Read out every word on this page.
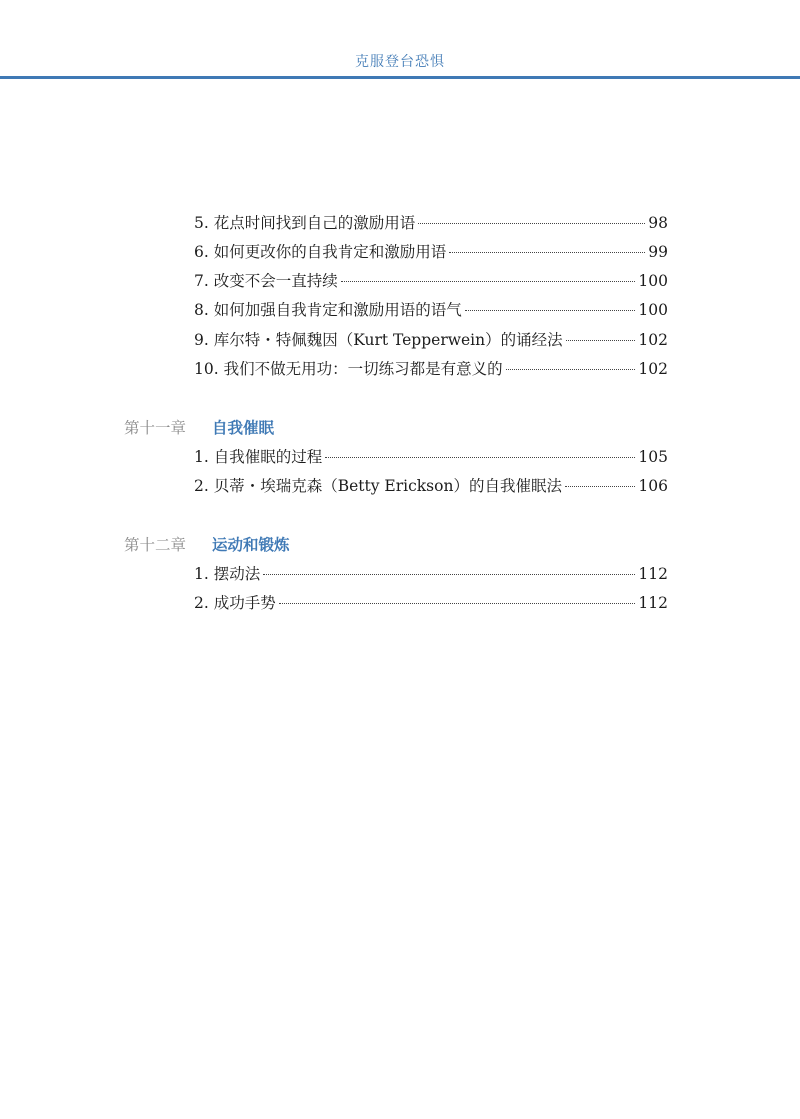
克服登台恐惧
5. 花点时间找到自己的激励用语	98
6. 如何更改你的自我肯定和激励用语	99
7. 改变不会一直持续	100
8. 如何加强自我肯定和激励用语的语气	100
9. 库尔特・特佩魏因（Kurt Tepperwein）的诵经法	102
10. 我们不做无用功：一切练习都是有意义的	102
第十一章 自我催眠
1. 自我催眠的过程	105
2. 贝蒂・埃瑞克森（Betty Erickson）的自我催眠法	106
第十二章 运动和锻炼
1. 摆动法	112
2. 成功手势	112
